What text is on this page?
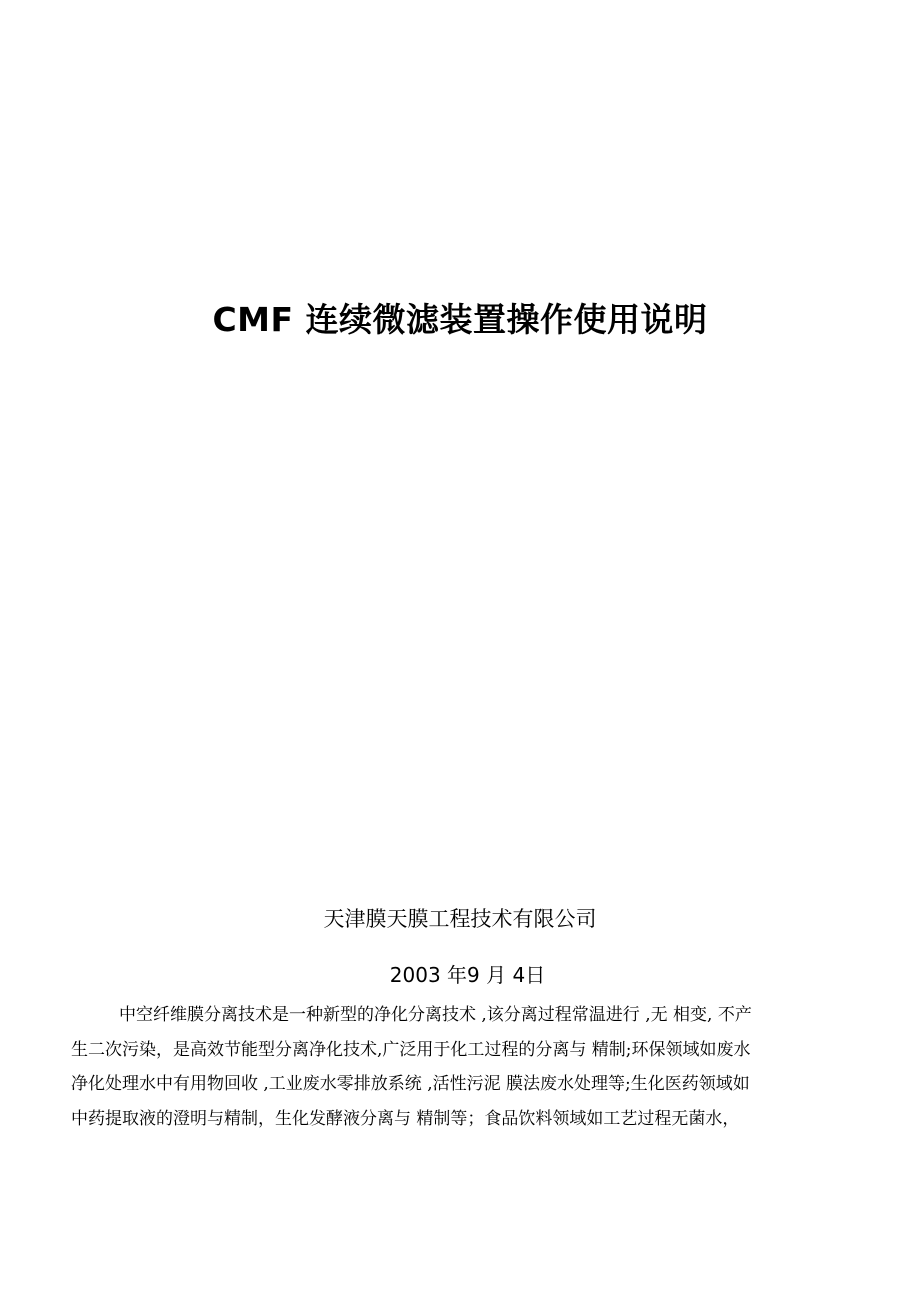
CMF 连续微滤装置操作使用说明
天津膜天膜工程技术有限公司
2003 年9 月 4日
中空纤维膜分离技术是一种新型的净化分离技术 ,该分离过程常温进行 ,无 相变, 不产
生二次污染，是高效节能型分离净化技术,广泛用于化工过程的分离与 精制;环保领域如废水
净化处理水中有用物回收 ,工业废水零排放系统 ,活性污泥 膜法废水处理等;生化医药领域如
中药提取液的澄明与精制，生化发酵液分离与 精制等；食品饮料领域如工艺过程无菌水，
